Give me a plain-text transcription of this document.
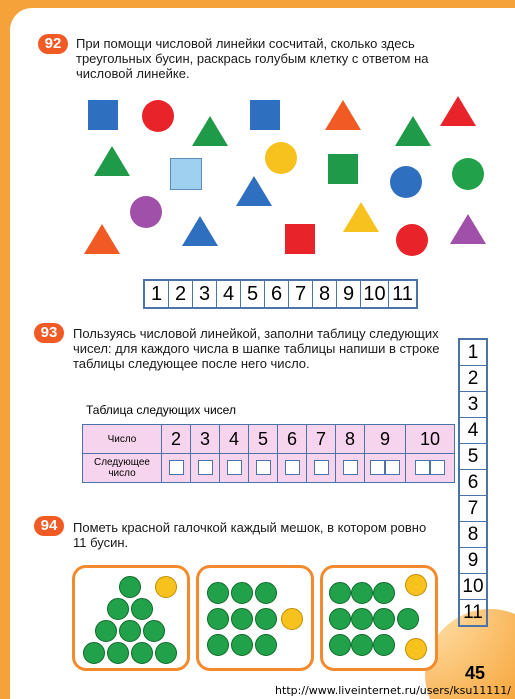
92	При помощи числовой линейки сосчитай, сколько здесь треугольных бусин, раскрась голубым клетку с ответом на числовой линейке.
1 2 3 4 5 6 7 8 9 10 11
93	Пользуясь числовой линейкой, заполни таблицу следующих чисел: для каждого числа в шапке таблицы напиши в строке таблицы следующее после него число.
1
2
3
4
5
6
7
8
9
10
11
Таблица следующих чисел
Число	2	3	4	5	6	7	8	9	10
Следующее число									
94	Пометь красной галочкой каждый мешок, в котором ровно 11 бусин.
45
http://www.liveinternet.ru/users/ksu11111/
